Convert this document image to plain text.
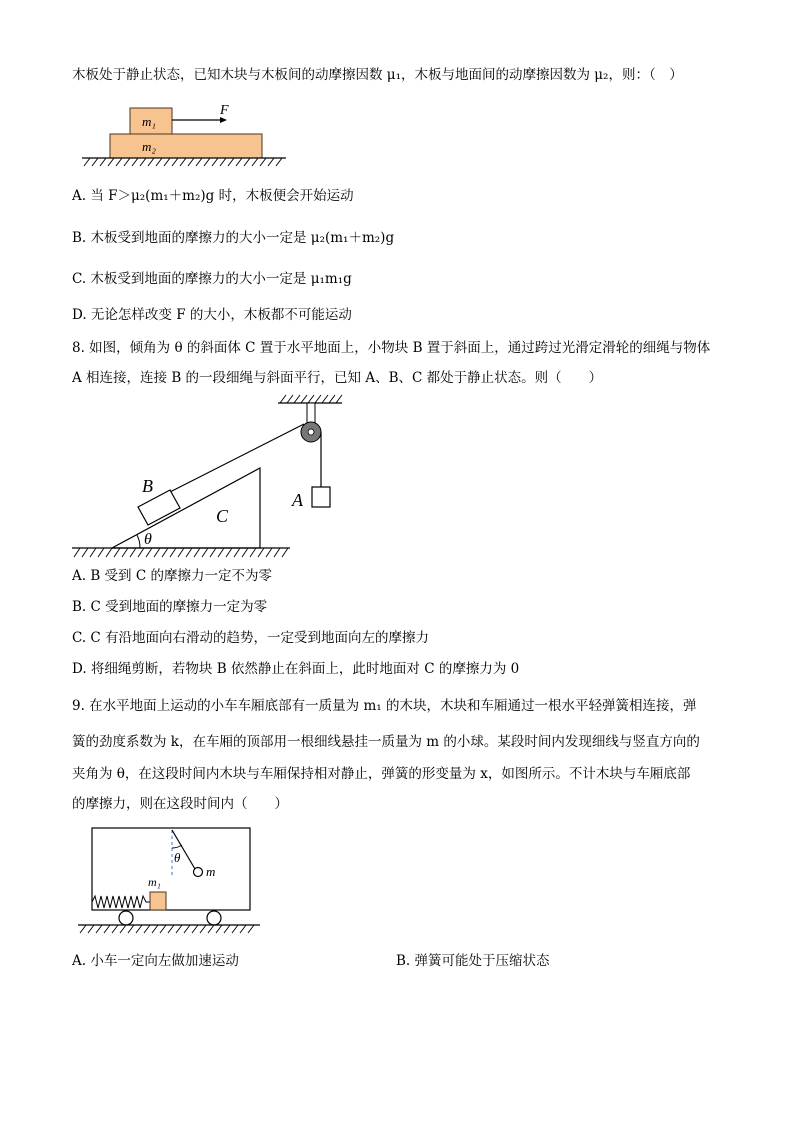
木板处于静止状态，已知木块与木板间的动摩擦因数 μ₁，木板与地面间的动摩擦因数为 μ₂，则：（　）
m₁
m₂
F
A. 当 F＞μ₂(m₁＋m₂)g 时，木板便会开始运动
B. 木板受到地面的摩擦力的大小一定是 μ₂(m₁＋m₂)g
C. 木板受到地面的摩擦力的大小一定是 μ₁m₁g
D. 无论怎样改变 F 的大小，木板都不可能运动
8. 如图，倾角为 θ 的斜面体 C 置于水平地面上，小物块 B 置于斜面上，通过跨过光滑定滑轮的细绳与物体
A 相连接，连接 B 的一段细绳与斜面平行，已知 A、B、C 都处于静止状态。则（　　）
B
C
A
θ
A. B 受到 C 的摩擦力一定不为零
B. C 受到地面的摩擦力一定为零
C. C 有沿地面向右滑动的趋势，一定受到地面向左的摩擦力
D. 将细绳剪断，若物块 B 依然静止在斜面上，此时地面对 C 的摩擦力为 0
9. 在水平地面上运动的小车车厢底部有一质量为 m₁ 的木块，木块和车厢通过一根水平轻弹簧相连接，弹
簧的劲度系数为 k，在车厢的顶部用一根细线悬挂一质量为 m 的小球。某段时间内发现细线与竖直方向的
夹角为 θ，在这段时间内木块与车厢保持相对静止，弹簧的形变量为 x，如图所示。不计木块与车厢底部
的摩擦力，则在这段时间内（　　）
θ
m
m₁
A. 小车一定向左做加速运动	B. 弹簧可能处于压缩状态
